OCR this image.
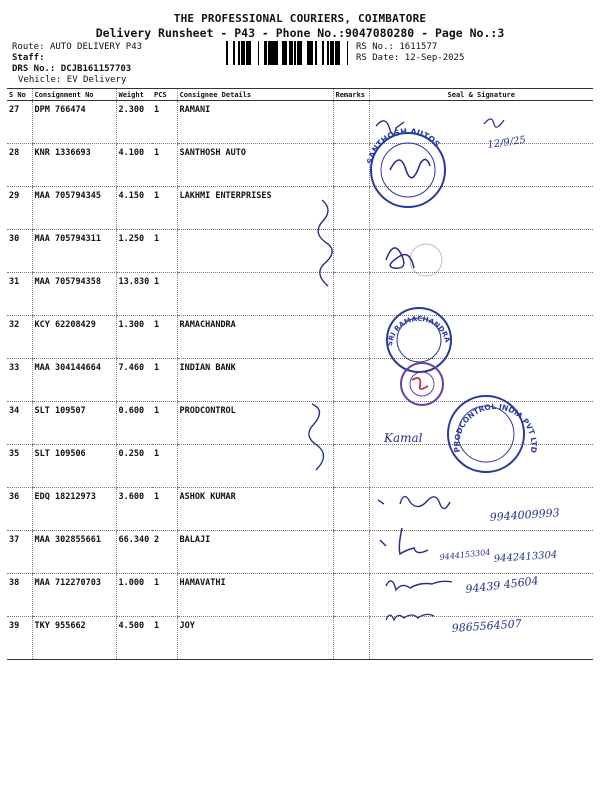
THE PROFESSIONAL COURIERS, COIMBATORE
Delivery Runsheet - P43 - Phone No.:9047080280 - Page No.:3
Route: AUTO DELIVERY P43
Staff:
DRS No.: DCJB161157703
Vehicle: EV Delivery
RS No.: 1611577
RS Date: 12-Sep-2025
S No	Consignment No	Weight	PCS	Consignee Details	Remarks	Seal & Signature
27	DPM 766474	2.300	1	RAMANI		
28	KNR 1336693	4.100	1	SANTHOSH AUTO		
29	MAA 705794345	4.150	1	LAKHMI ENTERPRISES		
30	MAA 705794311	1.250	1			
31	MAA 705794358	13.830	1			
32	KCY 62208429	1.300	1	RAMACHANDRA		
33	MAA 304144664	7.460	1	INDIAN BANK		
34	SLT 109507	0.600	1	PRODCONTROL		
35	SLT 109506	0.250	1			
36	EDQ 18212973	3.600	1	ASHOK KUMAR		
37	MAA 302855661	66.340	2	BALAJI		
38	MAA 712270703	1.000	1	HAMAVATHI		
39	TKY 955662	4.500	1	JOY		
12/9/25
SANTHOSH AUTOS
SRI RAMACHANDRA
PRODCONTROL INDIA PVT LTD
Kamal
9944009993
9444153304 9442413304
94439 45604
9865564507
